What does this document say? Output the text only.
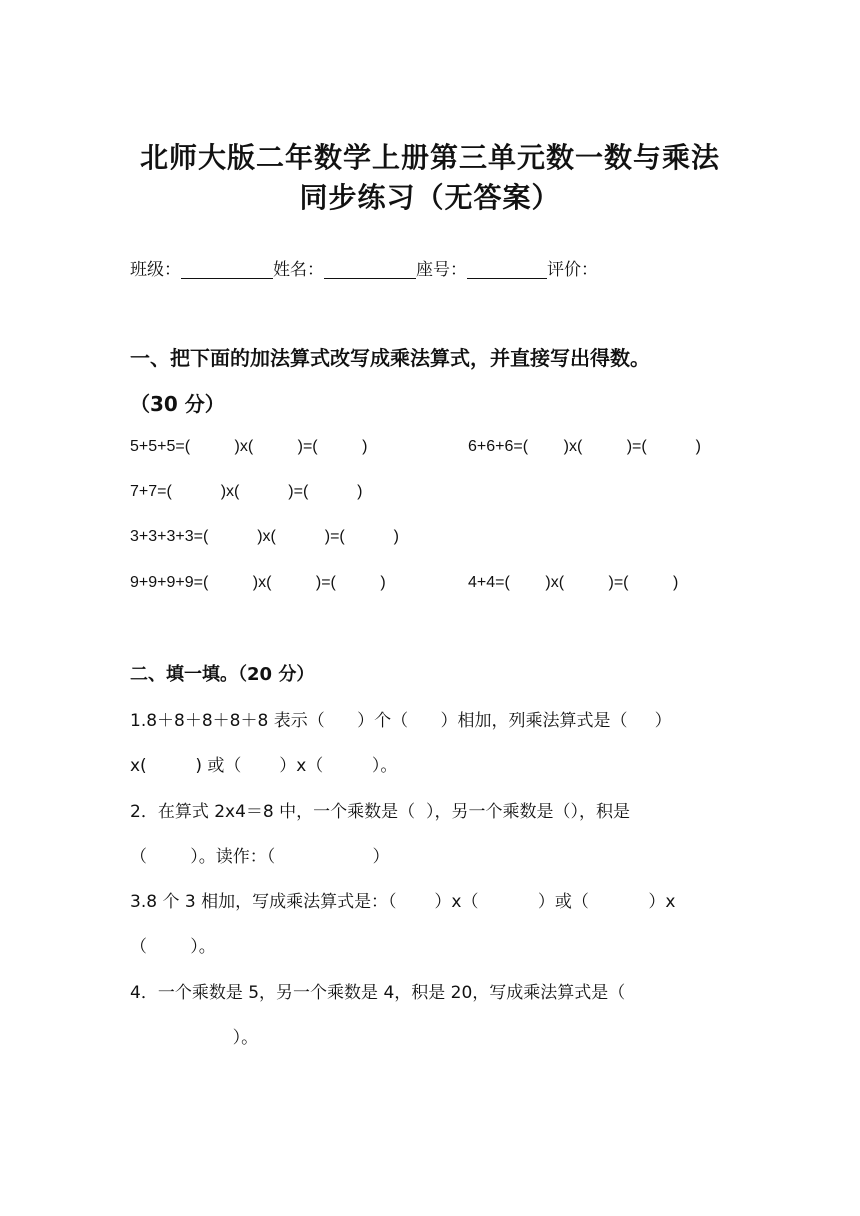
北师大版二年数学上册第三单元数一数与乘法
同步练习（无答案）
班级：	姓名：	座号：	评价：
一、把下面的加法算式改写成乘法算式，并直接写出得数。
（30 分）
5+5+5=(          )x(          )=(          )	6+6+6=(        )x(          )=(           )
7+7=(           )x(           )=(           )
3+3+3+3=(           )x(           )=(           )
9+9+9+9=(          )x(          )=(          )	4+4=(        )x(          )=(          )
二、填一填。（20 分）
1.8＋8＋8＋8＋8 表示（      ）个（      ）相加，列乘法算式是（     ）
x(         ) 或（       ）x（         ）。
2．在算式 2x4＝8 中，一个乘数是（  ），另一个乘数是（），积是
（        ）。读作：（                  ）
3.8 个 3 相加，写成乘法算式是：（       ）x（           ）或（           ）x
（        ）。
4．一个乘数是 5，另一个乘数是 4，积是 20，写成乘法算式是（
）。
